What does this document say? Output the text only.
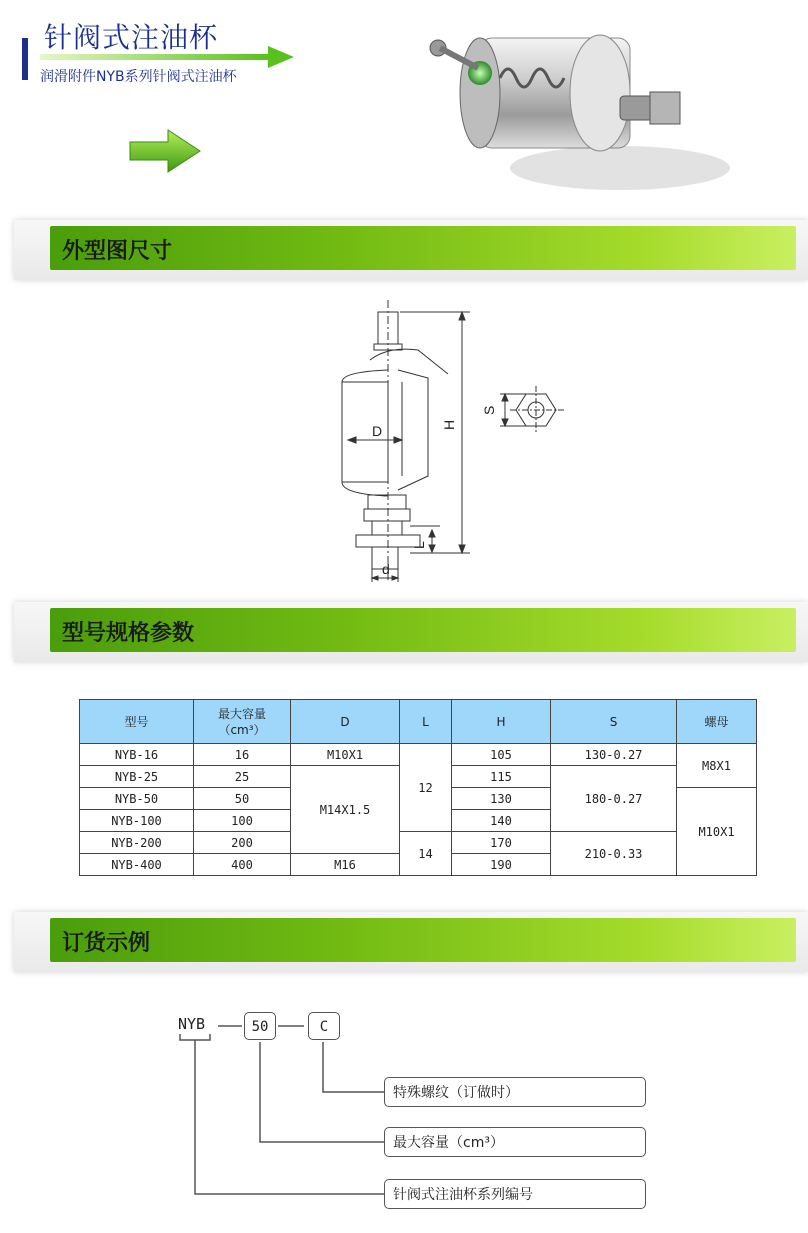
针阀式注油杯
润滑附件NYB系列针阀式注油杯
外型图尺寸
D	H
L
d
S
型号规格参数
型号	最大容量
（cm³）	D	L	H	S	螺母
NYB-16	16	M10X1	12	105	130-0.27	M8X1
NYB-25	25	M14X1.5		115	180-0.27	
NYB-50	50			130		M10X1
NYB-100	100			140		
NYB-200	200		14	170	210-0.33	
NYB-400	400	M16		190		
订货示例
NYB	50	C
特殊螺纹（订做时）
最大容量（cm³）
针阀式注油杯系列编号
